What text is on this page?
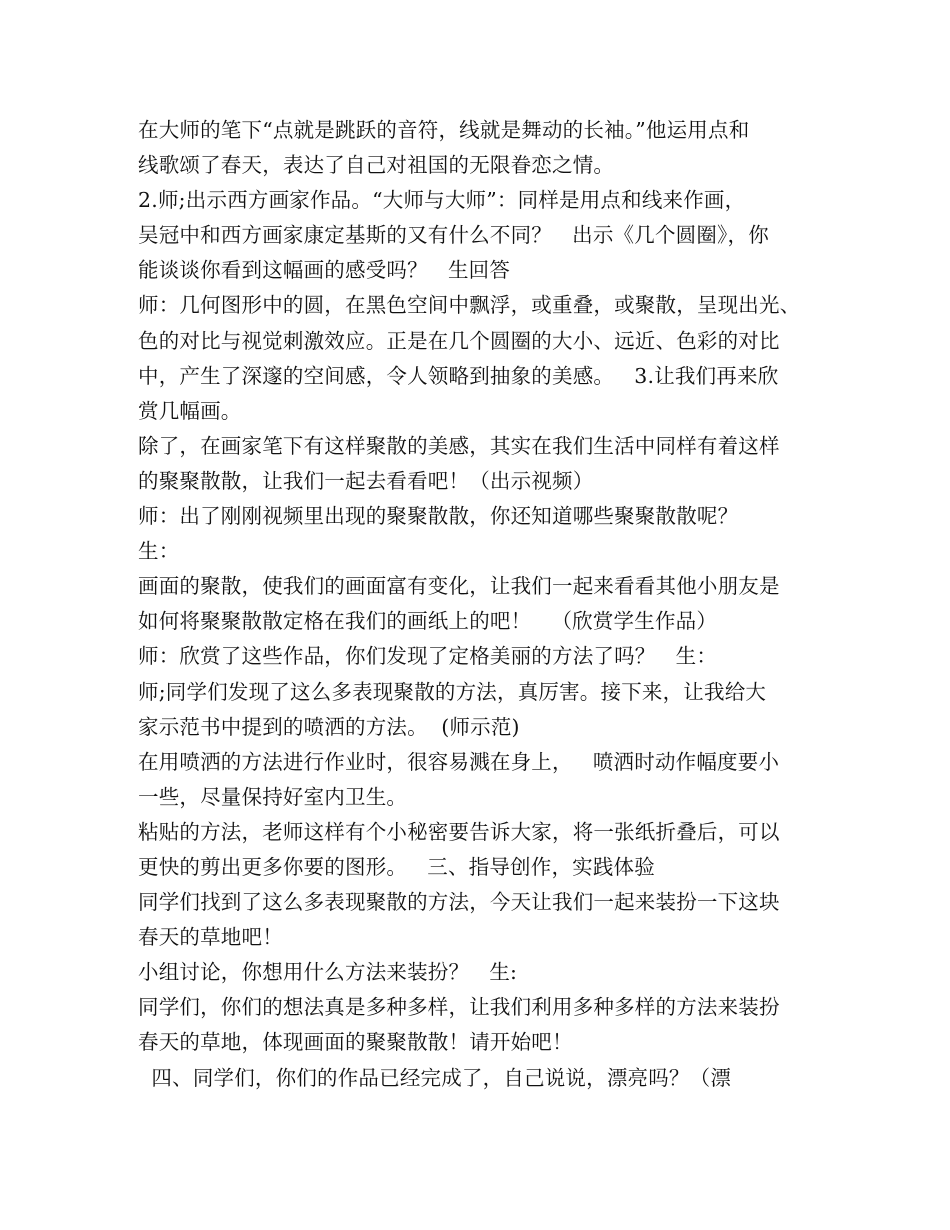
在大师的笔下“点就是跳跃的音符，线就是舞动的长袖。”他运用点和
线歌颂了春天，表达了自己对祖国的无限眷恋之情。
2.师;出示西方画家作品。“大师与大师”：同样是用点和线来作画，
吴冠中和西方画家康定基斯的又有什么不同？   出示《几个圆圈》，你
能谈谈你看到这幅画的感受吗？   生回答
师：几何图形中的圆，在黑色空间中飘浮，或重叠，或聚散，呈现出光、
色的对比与视觉刺激效应。正是在几个圆圈的大小、远近、色彩的对比
中，产生了深邃的空间感，令人领略到抽象的美感。   3.让我们再来欣
赏几幅画。
除了，在画家笔下有这样聚散的美感，其实在我们生活中同样有着这样
的聚聚散散，让我们一起去看看吧！（出示视频）
师：出了刚刚视频里出现的聚聚散散，你还知道哪些聚聚散散呢？
生：
画面的聚散，使我们的画面富有变化，让我们一起来看看其他小朋友是
如何将聚聚散散定格在我们的画纸上的吧！   （欣赏学生作品）
师：欣赏了这些作品，你们发现了定格美丽的方法了吗？   生：
师;同学们发现了这么多表现聚散的方法，真厉害。接下来，让我给大
家示范书中提到的喷洒的方法。  (师示范)
在用喷洒的方法进行作业时，很容易溅在身上，   喷洒时动作幅度要小
一些，尽量保持好室内卫生。
粘贴的方法，老师这样有个小秘密要告诉大家，将一张纸折叠后，可以
更快的剪出更多你要的图形。   三、指导创作，实践体验
同学们找到了这么多表现聚散的方法，今天让我们一起来装扮一下这块
春天的草地吧！
小组讨论，你想用什么方法来装扮？   生:
同学们，你们的想法真是多种多样，让我们利用多种多样的方法来装扮
春天的草地，体现画面的聚聚散散！请开始吧！
四、同学们，你们的作品已经完成了，自己说说，漂亮吗？（漂
